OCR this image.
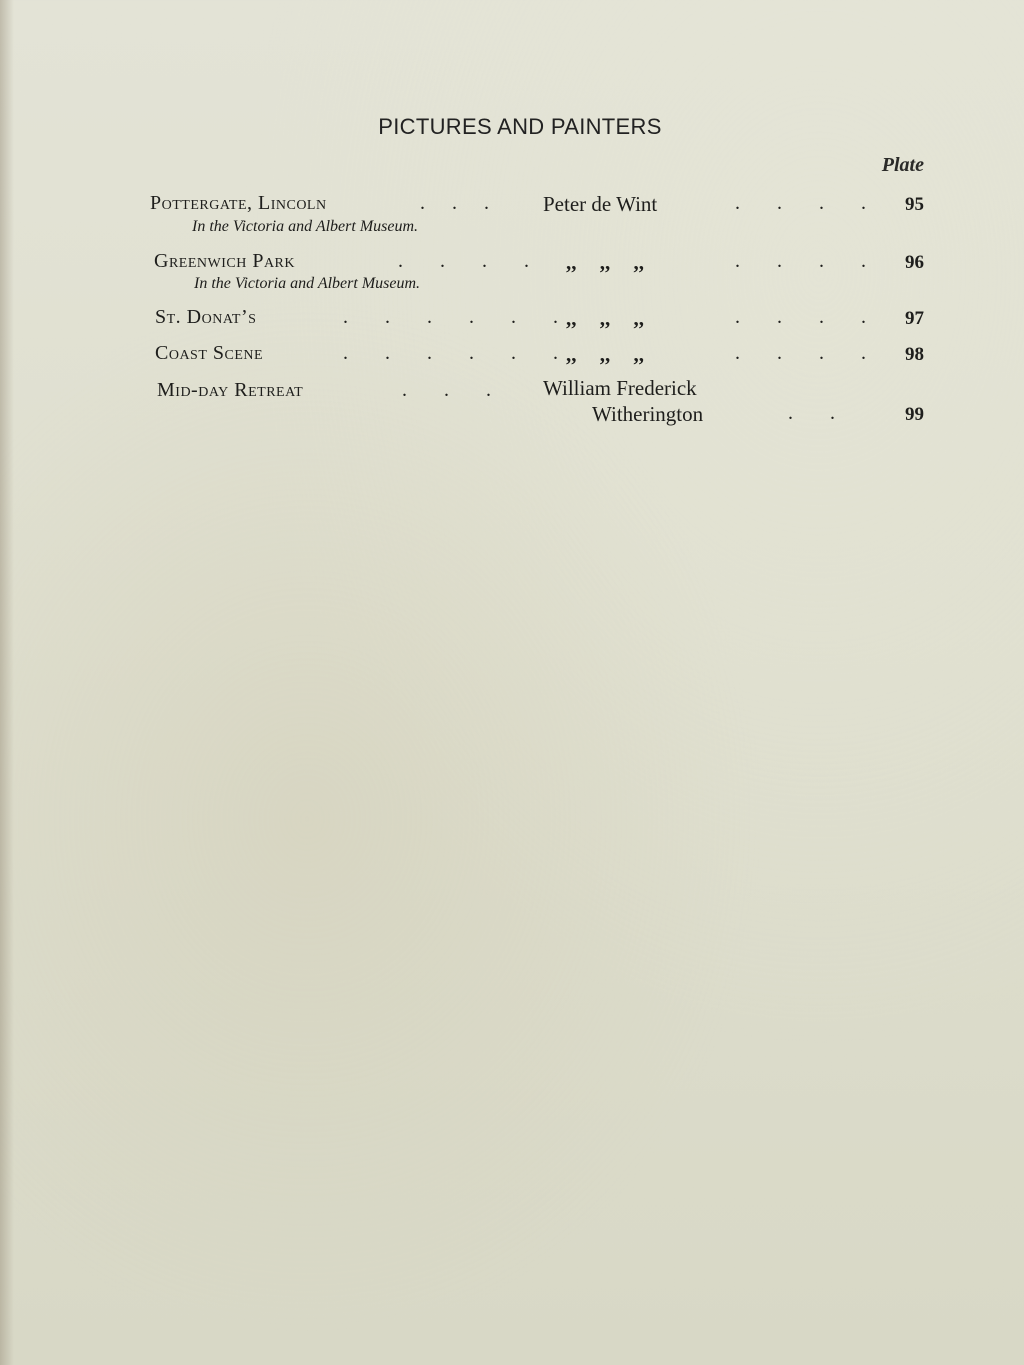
PICTURES AND PAINTERS
Plate
Pottergate, Lincoln	. . .	Peter de Wint	. . . . 95
In the Victoria and Albert Museum.
Greenwich Park	. . . . ,, ,, ,,	. . . . 96
In the Victoria and Albert Museum.
St. Donat’s	. . . . . . ,, ,, ,,	. . . . 97
Coast Scene	. . . . . . ,, ,, ,,	. . . . 98
Mid-day Retreat	. . . William Frederick
Witherington	. .	99
